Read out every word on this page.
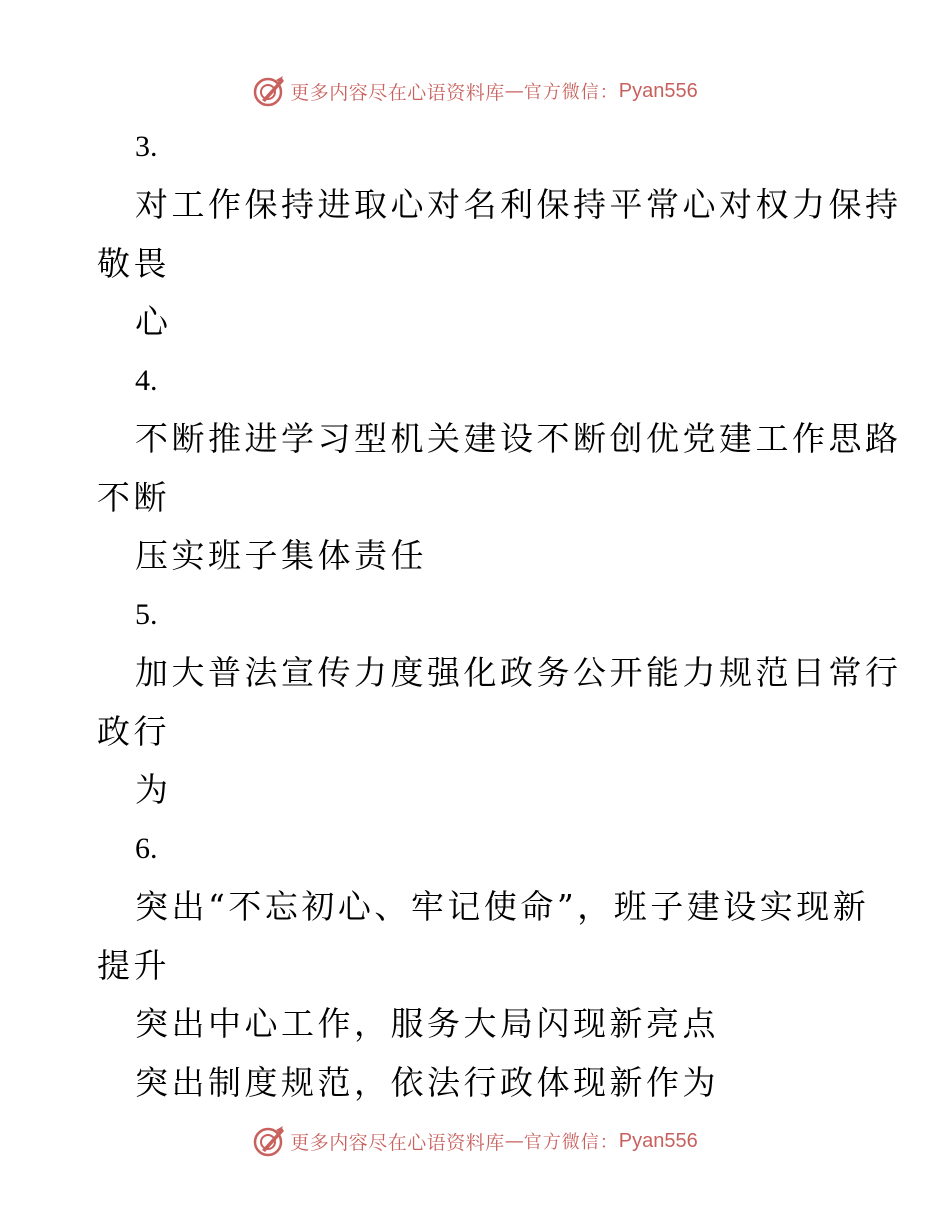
更多内容尽在心语资料库 — 官方微信： Pyan556
3.
对工作保持进取心对名利保持平常心对权力保持
敬畏
心
4.
不断推进学习型机关建设不断创优党建工作思路
不断
压实班子集体责任
5.
加大普法宣传力度强化政务公开能力规范日常行
政行
为
6.
突出“不忘初心、牢记使命”，班子建设实现新
提升
突出中心工作，服务大局闪现新亮点
突出制度规范，依法行政体现新作为
更多内容尽在心语资料库 — 官方微信： Pyan556
